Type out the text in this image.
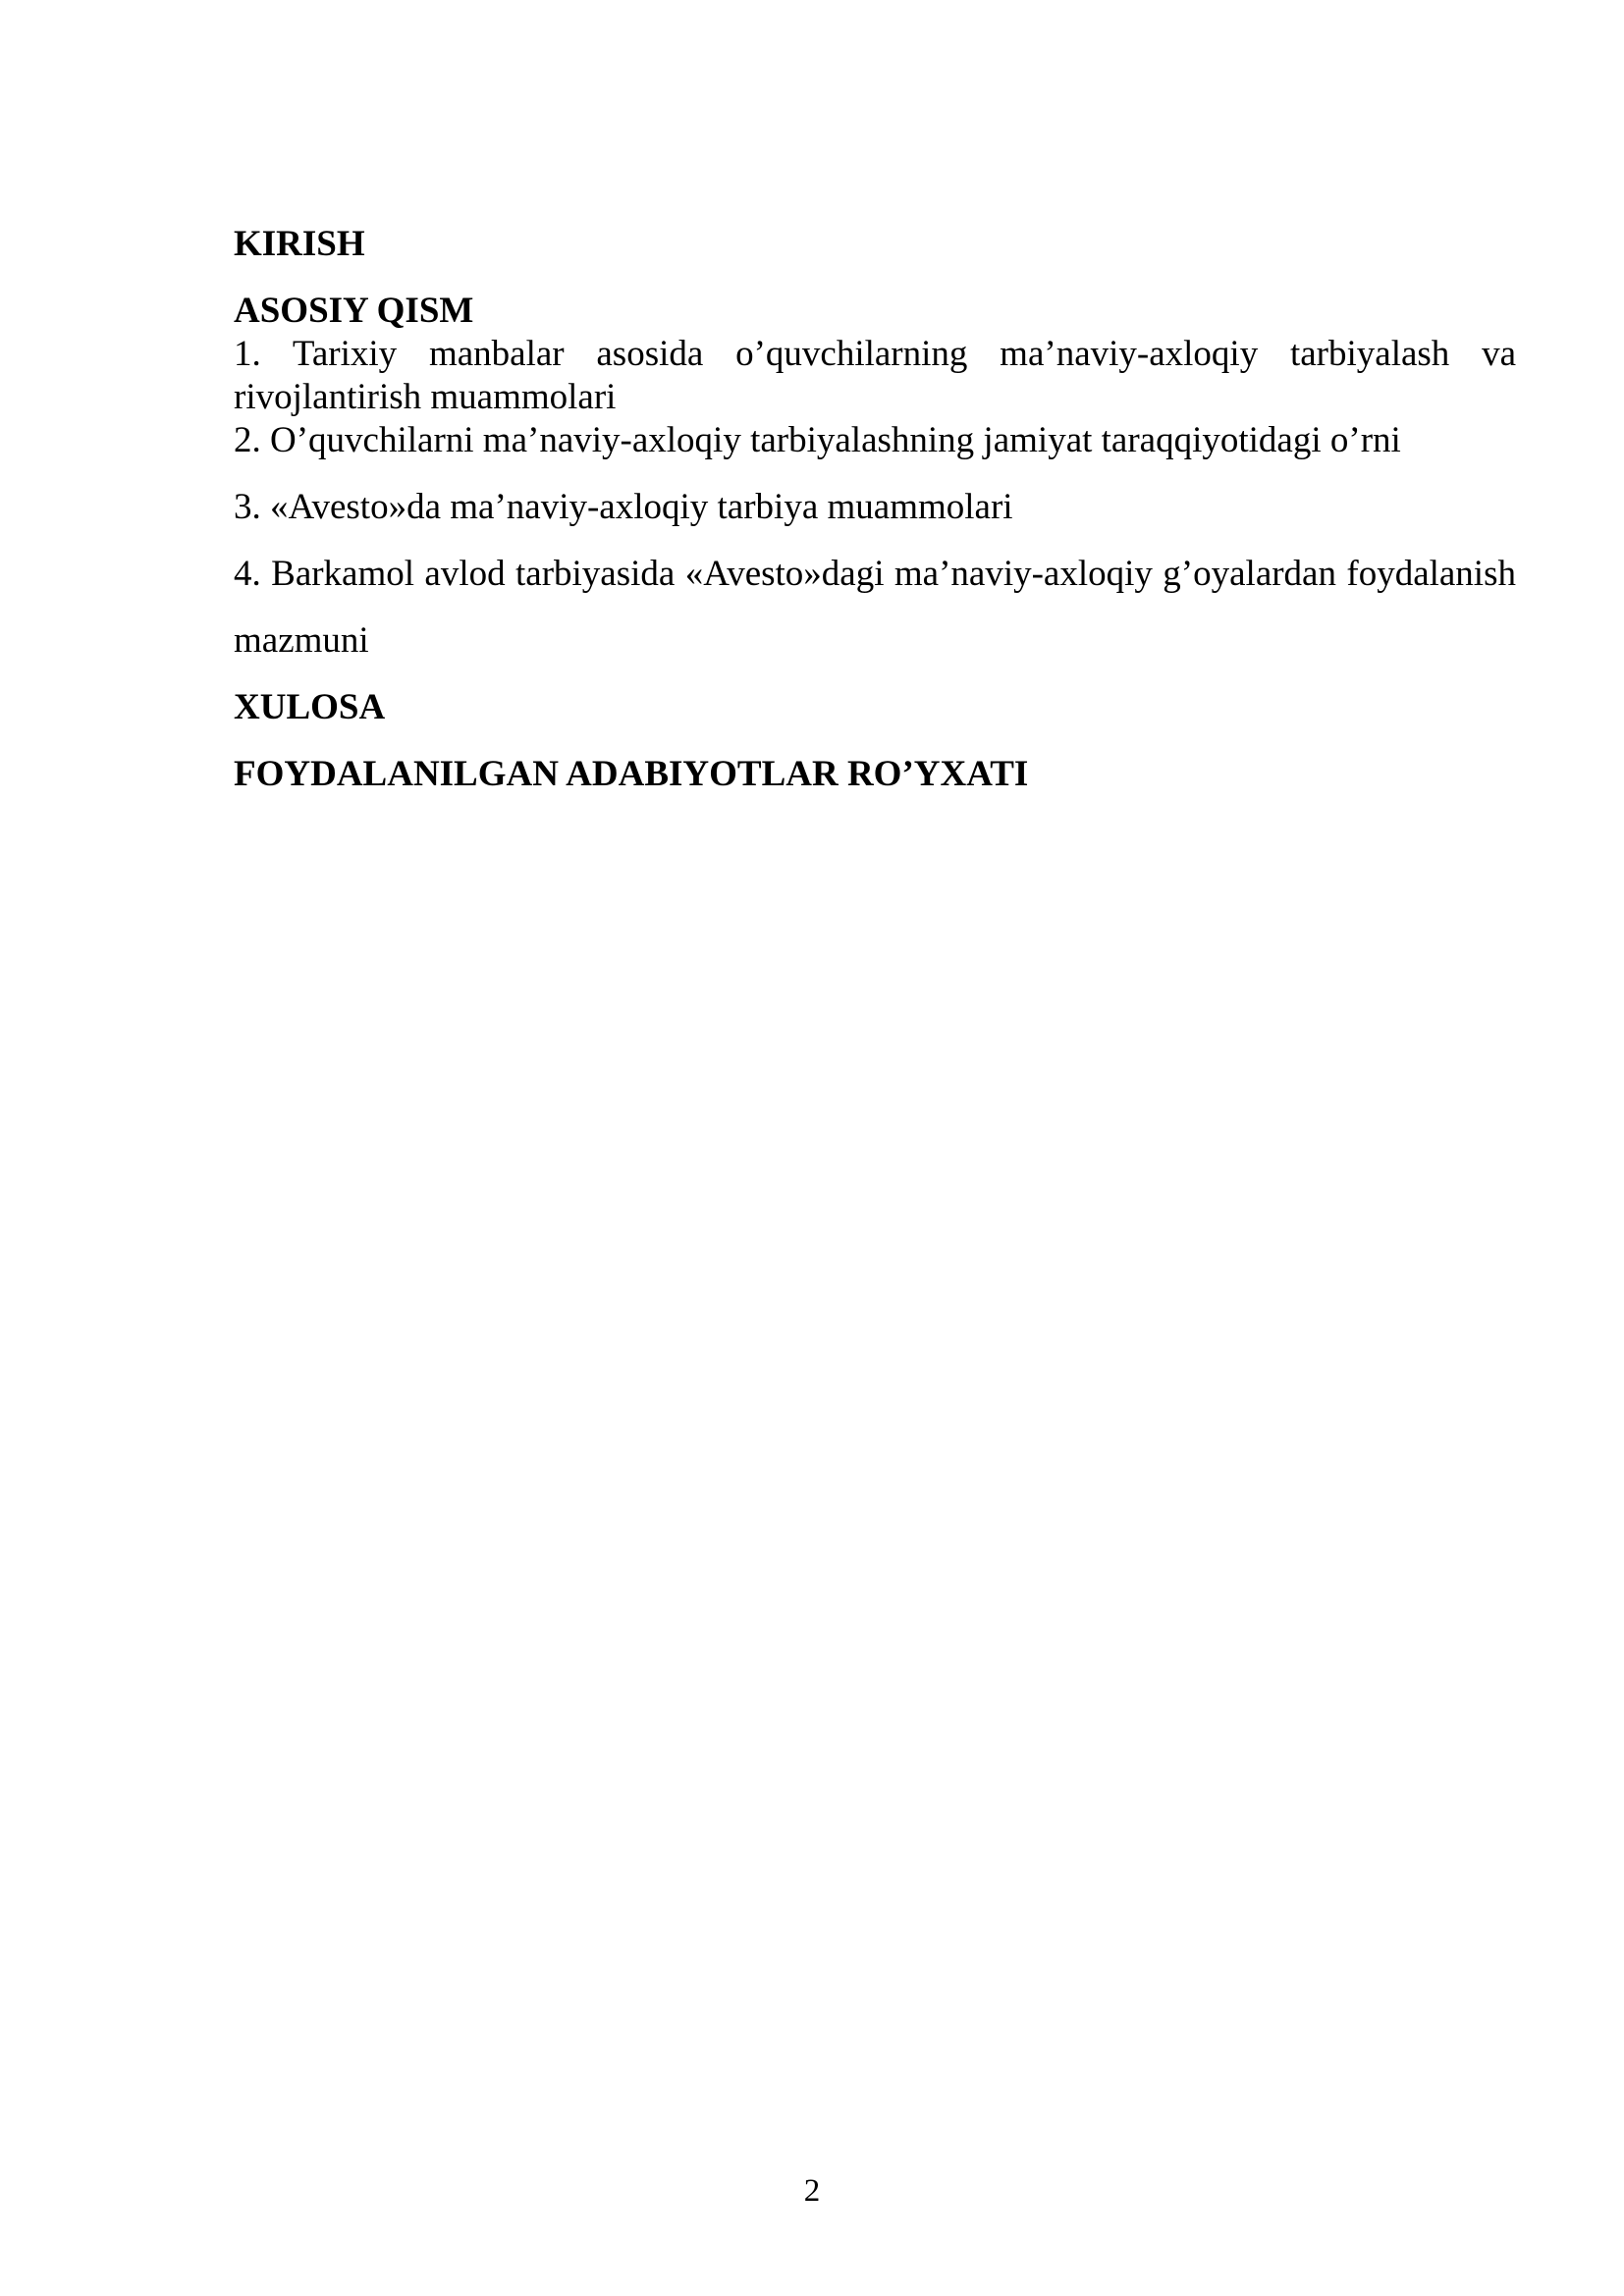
KIRISH

ASOSIY QISM

1. Tarixiy manbalar asosida o’quvchilarning ma’naviy-axloqiy tarbiyalash va rivojlantirish muammolari

2. O’quvchilarni ma’naviy-axloqiy tarbiyalashning jamiyat taraqqiyotidagi o’rni

3. «Avesto»da ma’naviy-axloqiy tarbiya muammolari

4. Barkamol avlod tarbiyasida «Avesto»dagi ma’naviy-axloqiy g’oyalardan foydalanish mazmuni

XULOSA

FOYDALANILGAN ADABIYOTLAR RO’YXATI

2
